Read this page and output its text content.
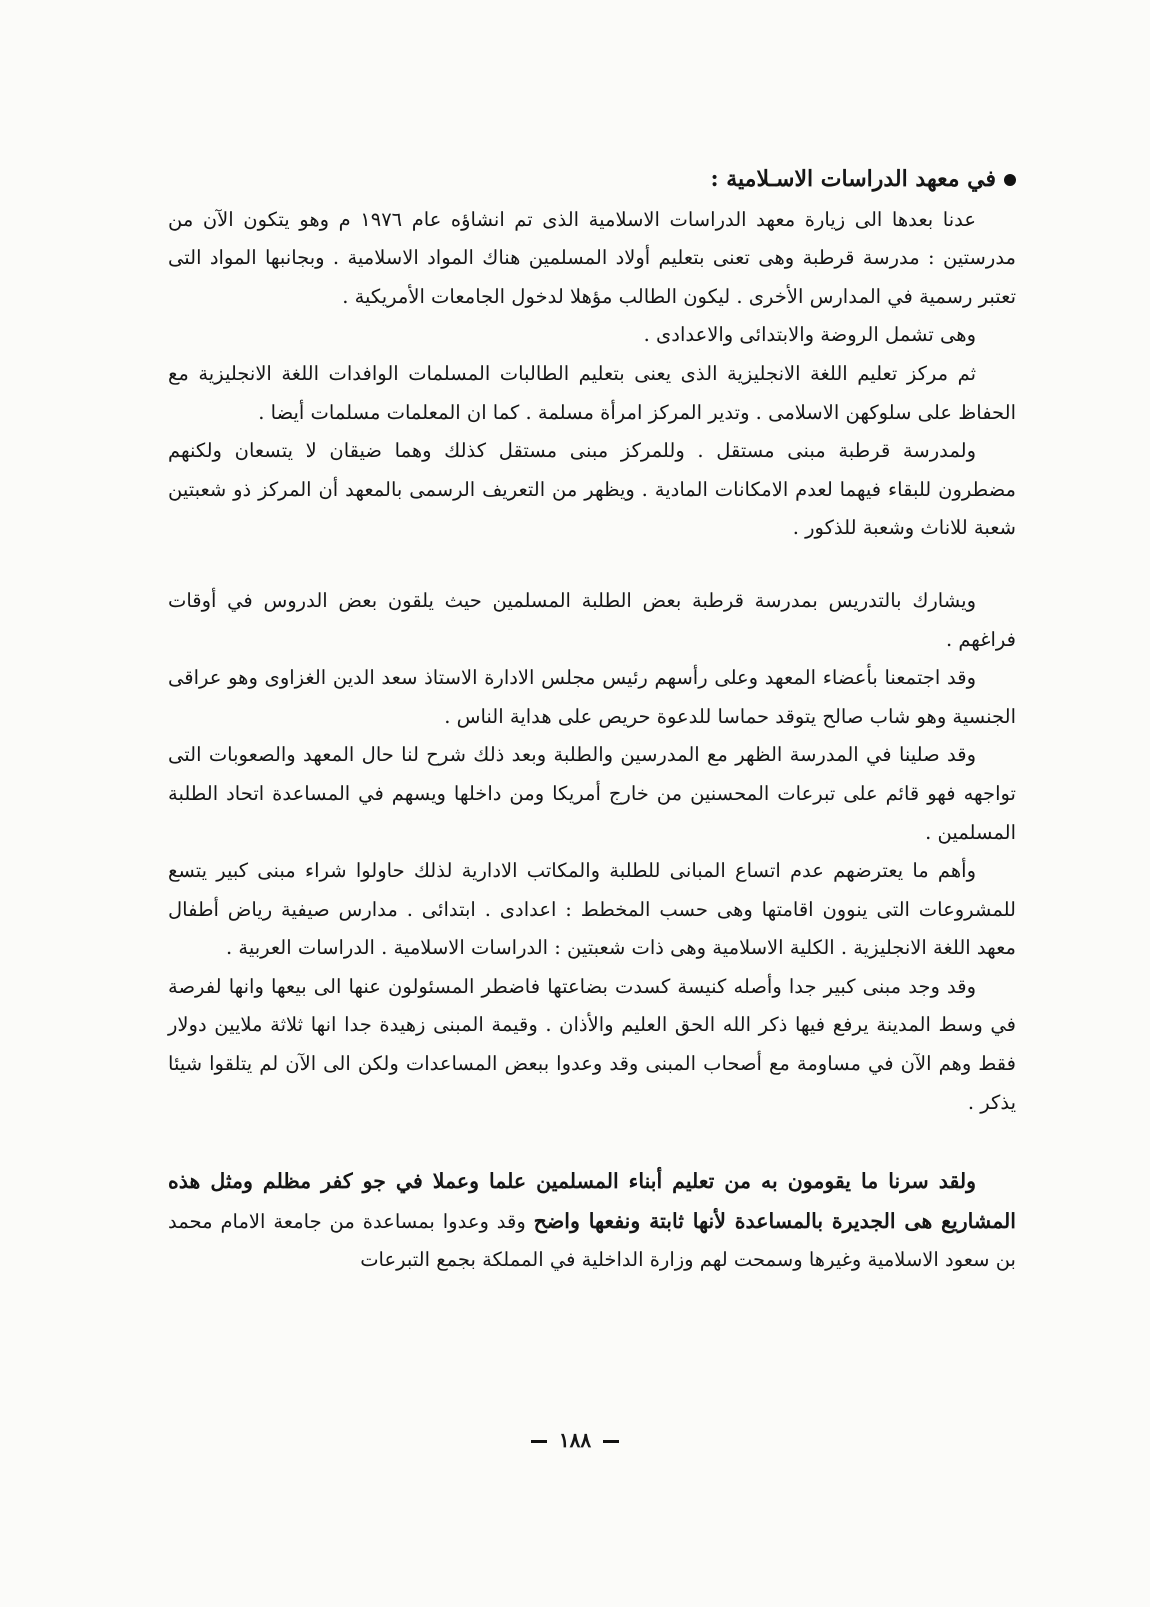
في معهد الدراسات الاسـلامية :

عدنا بعدها الى زيارة معهد الدراسات الاسلامية الذى تم انشاؤه عام ١٩٧٦ م وهو يتكون الآن من مدرستين : مدرسة قرطبة وهى تعنى بتعليم أولاد المسلمين هناك المواد الاسلامية . وبجانبها المواد التى تعتبر رسمية في المدارس الأخرى . ليكون الطالب مؤهلا لدخول الجامعات الأمريكية .

وهى تشمل الروضة والابتدائى والاعدادى .

ثم مركز تعليم اللغة الانجليزية الذى يعنى بتعليم الطالبات المسلمات الوافدات اللغة الانجليزية مع الحفاظ على سلوكهن الاسلامى . وتدير المركز امرأة مسلمة . كما ان المعلمات مسلمات أيضا .

ولمدرسة قرطبة مبنى مستقل . وللمركز مبنى مستقل كذلك وهما ضيقان لا يتسعان ولكنهم مضطرون للبقاء فيهما لعدم الامكانات المادية . ويظهر من التعريف الرسمى بالمعهد أن المركز ذو شعبتين شعبة للاناث وشعبة للذكور .

ويشارك بالتدريس بمدرسة قرطبة بعض الطلبة المسلمين حيث يلقون بعض الدروس في أوقات فراغهم .

وقد اجتمعنا بأعضاء المعهد وعلى رأسهم رئيس مجلس الادارة الاستاذ سعد الدين الغزاوى وهو عراقى الجنسية وهو شاب صالح يتوقد حماسا للدعوة حريص على هداية الناس .

وقد صلينا في المدرسة الظهر مع المدرسين والطلبة وبعد ذلك شرح لنا حال المعهد والصعوبات التى تواجهه فهو قائم على تبرعات المحسنين من خارج أمريكا ومن داخلها ويسهم في المساعدة اتحاد الطلبة المسلمين .

وأهم ما يعترضهم عدم اتساع المبانى للطلبة والمكاتب الادارية لذلك حاولوا شراء مبنى كبير يتسع للمشروعات التى ينوون اقامتها وهى حسب المخطط : اعدادى . ابتدائى . مدارس صيفية رياض أطفال معهد اللغة الانجليزية . الكلية الاسلامية وهى ذات شعبتين : الدراسات الاسلامية . الدراسات العربية .

وقد وجد مبنى كبير جدا وأصله كنيسة كسدت بضاعتها فاضطر المسئولون عنها الى بيعها وانها لفرصة في وسط المدينة يرفع فيها ذكر الله الحق العليم والأذان . وقيمة المبنى زهيدة جدا انها ثلاثة ملايين دولار فقط وهم الآن في مساومة مع أصحاب المبنى وقد وعدوا ببعض المساعدات ولكن الى الآن لم يتلقوا شيئا يذكر .

ولقد سرنا ما يقومون به من تعليم أبناء المسلمين علما وعملا في جو كفر مظلم ومثل هذه المشاريع هى الجديرة بالمساعدة لأنها ثابتة ونفعها واضح وقد وعدوا بمساعدة من جامعة الامام محمد بن سعود الاسلامية وغيرها وسمحت لهم وزارة الداخلية في المملكة بجمع التبرعات

١٨٨
